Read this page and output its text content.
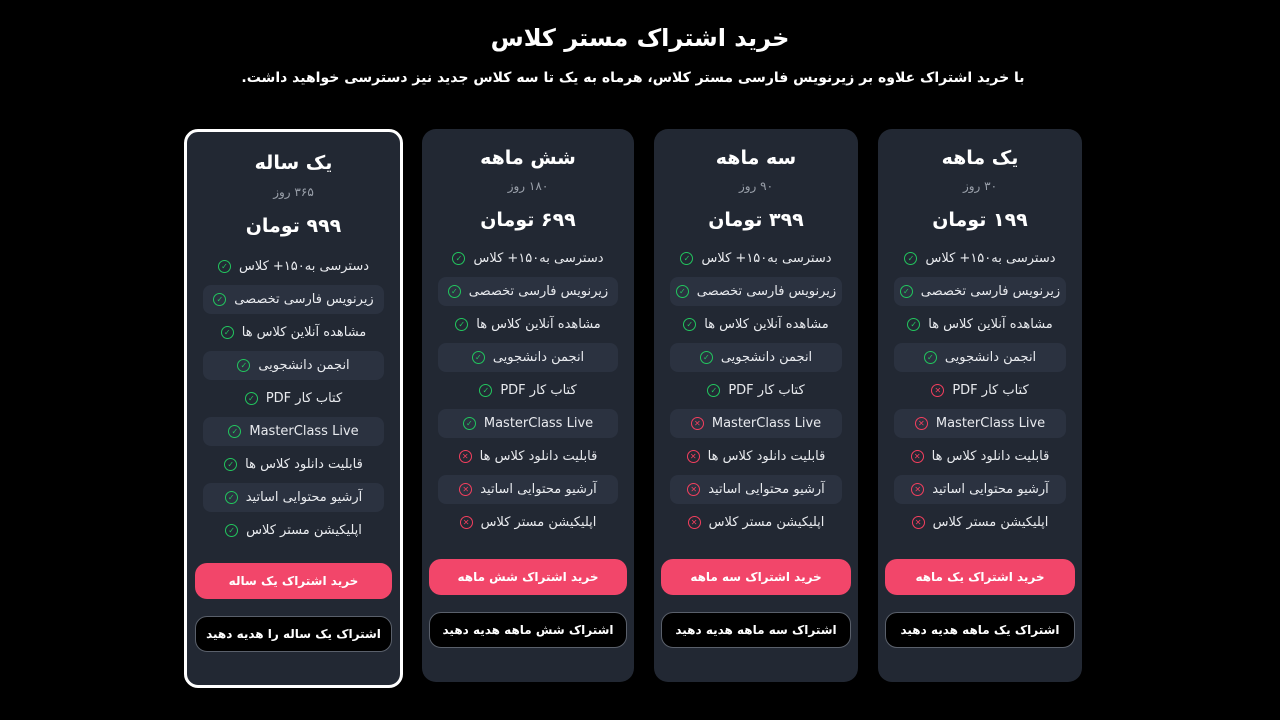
خرید اشتراک مستر کلاس
با خرید اشتراک علاوه بر زیرنویس فارسی مستر کلاس، هرماه به یک تا سه کلاس جدید نیز دسترسی خواهید داشت.
یک ساله
۳۶۵ روز
۹۹۹ تومان
دسترسی به۱۵۰+ کلاس
✓
زیرنویس فارسی تخصصی
✓
مشاهده آنلاین کلاس ها
✓
انجمن دانشجویی
✓
کتاب کار PDF
✓
MasterClass Live
✓
قابلیت دانلود کلاس ها
✓
آرشیو محتوایی اساتید
✓
اپلیکیشن مستر کلاس
✓
خرید اشتراک یک ساله
اشتراک یک ساله را هدیه دهید
شش ماهه
۱۸۰ روز
۶۹۹ تومان
دسترسی به۱۵۰+ کلاس
✓
زیرنویس فارسی تخصصی
✓
مشاهده آنلاین کلاس ها
✓
انجمن دانشجویی
✓
کتاب کار PDF
✓
MasterClass Live
✓
قابلیت دانلود کلاس ها
✕
آرشیو محتوایی اساتید
✕
اپلیکیشن مستر کلاس
✕
خرید اشتراک شش ماهه
اشتراک شش ماهه هدیه دهید
سه ماهه
۹۰ روز
۳۹۹ تومان
دسترسی به۱۵۰+ کلاس
✓
زیرنویس فارسی تخصصی
✓
مشاهده آنلاین کلاس ها
✓
انجمن دانشجویی
✓
کتاب کار PDF
✓
MasterClass Live
✕
قابلیت دانلود کلاس ها
✕
آرشیو محتوایی اساتید
✕
اپلیکیشن مستر کلاس
✕
خرید اشتراک سه ماهه
اشتراک سه ماهه هدیه دهید
یک ماهه
۳۰ روز
۱۹۹ تومان
دسترسی به۱۵۰+ کلاس
✓
زیرنویس فارسی تخصصی
✓
مشاهده آنلاین کلاس ها
✓
انجمن دانشجویی
✓
کتاب کار PDF
✕
MasterClass Live
✕
قابلیت دانلود کلاس ها
✕
آرشیو محتوایی اساتید
✕
اپلیکیشن مستر کلاس
✕
خرید اشتراک یک ماهه
اشتراک یک ماهه هدیه دهید
